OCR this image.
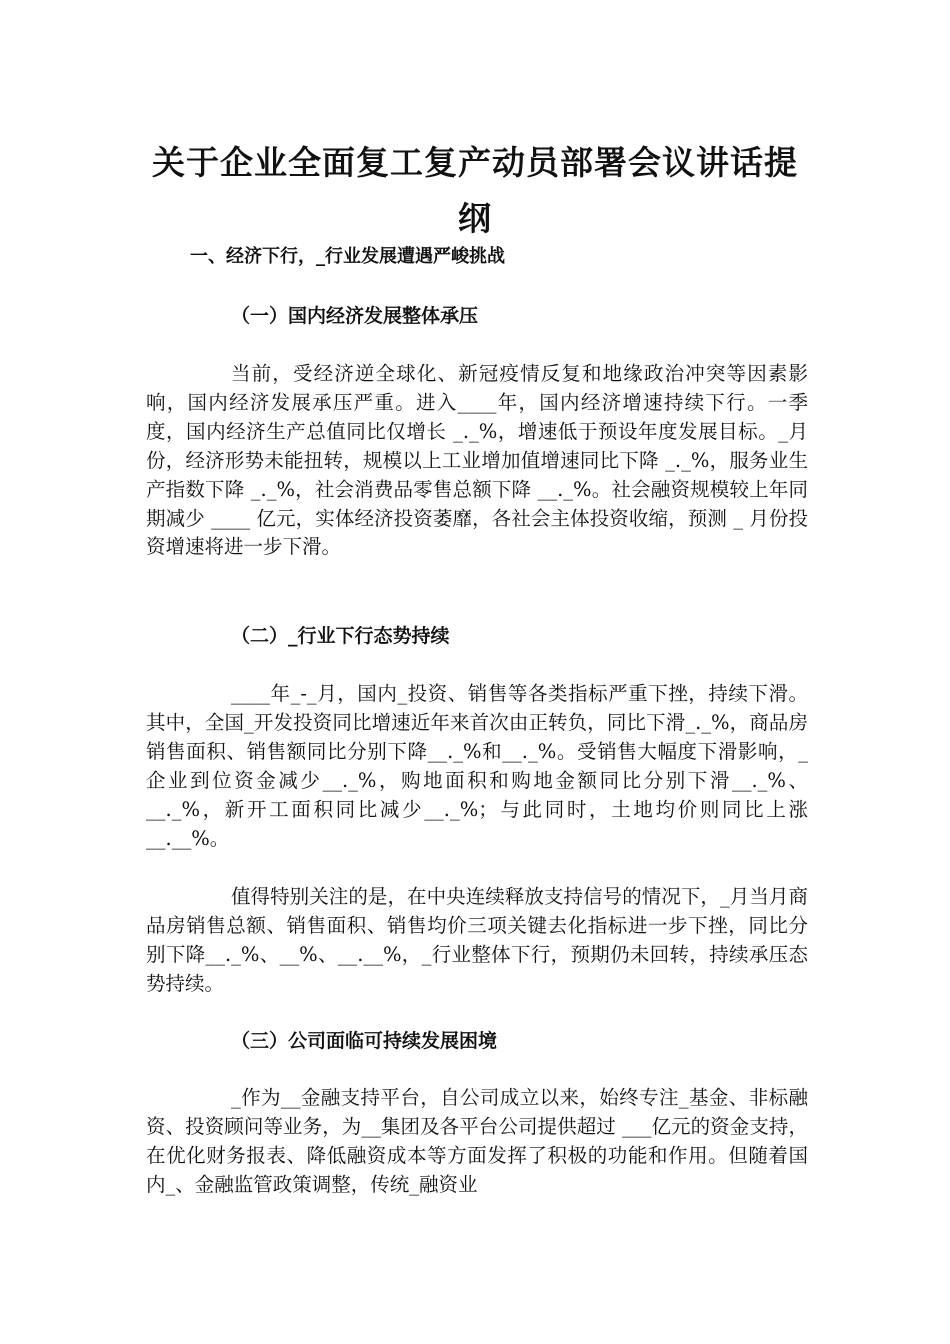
关于企业全面复工复产动员部署会议讲话提纲
一、经济下行，_行业发展遭遇严峻挑战
（一）国内经济发展整体承压

当前，受经济逆全球化、新冠疫情反复和地缘政治冲突等因素影响，国内经济发展承压严重。进入____年，国内经济增速持续下行。一季度，国内经济生产总值同比仅增长 _._%，增速低于预设年度发展目标。_月份，经济形势未能扭转，规模以上工业增加值增速同比下降 _._%，服务业生产指数下降 _._%，社会消费品零售总额下降 __._%。社会融资规模较上年同期减少 ____ 亿元，实体经济投资萎靡，各社会主体投资收缩，预测 _ 月份投资增速将进一步下滑。

（二）_行业下行态势持续

____年_-_月，国内_投资、销售等各类指标严重下挫，持续下滑。其中，全国_开发投资同比增速近年来首次由正转负，同比下滑_._%，商品房销售面积、销售额同比分别下降__._%和__._%。受销售大幅度下滑影响，_企业到位资金减少__._%，购地面积和购地金额同比分别下滑__._%、__._%，新开工面积同比减少__._%；与此同时，土地均价则同比上涨__.__%。

值得特别关注的是，在中央连续释放支持信号的情况下，_月当月商品房销售总额、销售面积、销售均价三项关键去化指标进一步下挫，同比分别下降__._%、__%、__.__%，_行业整体下行，预期仍未回转，持续承压态势持续。

（三）公司面临可持续发展困境

_作为__金融支持平台，自公司成立以来，始终专注_基金、非标融资、投资顾问等业务，为__集团及各平台公司提供超过 ___亿元的资金支持，在优化财务报表、降低融资成本等方面发挥了积极的功能和作用。但随着国内_、金融监管政策调整，传统_融资业
